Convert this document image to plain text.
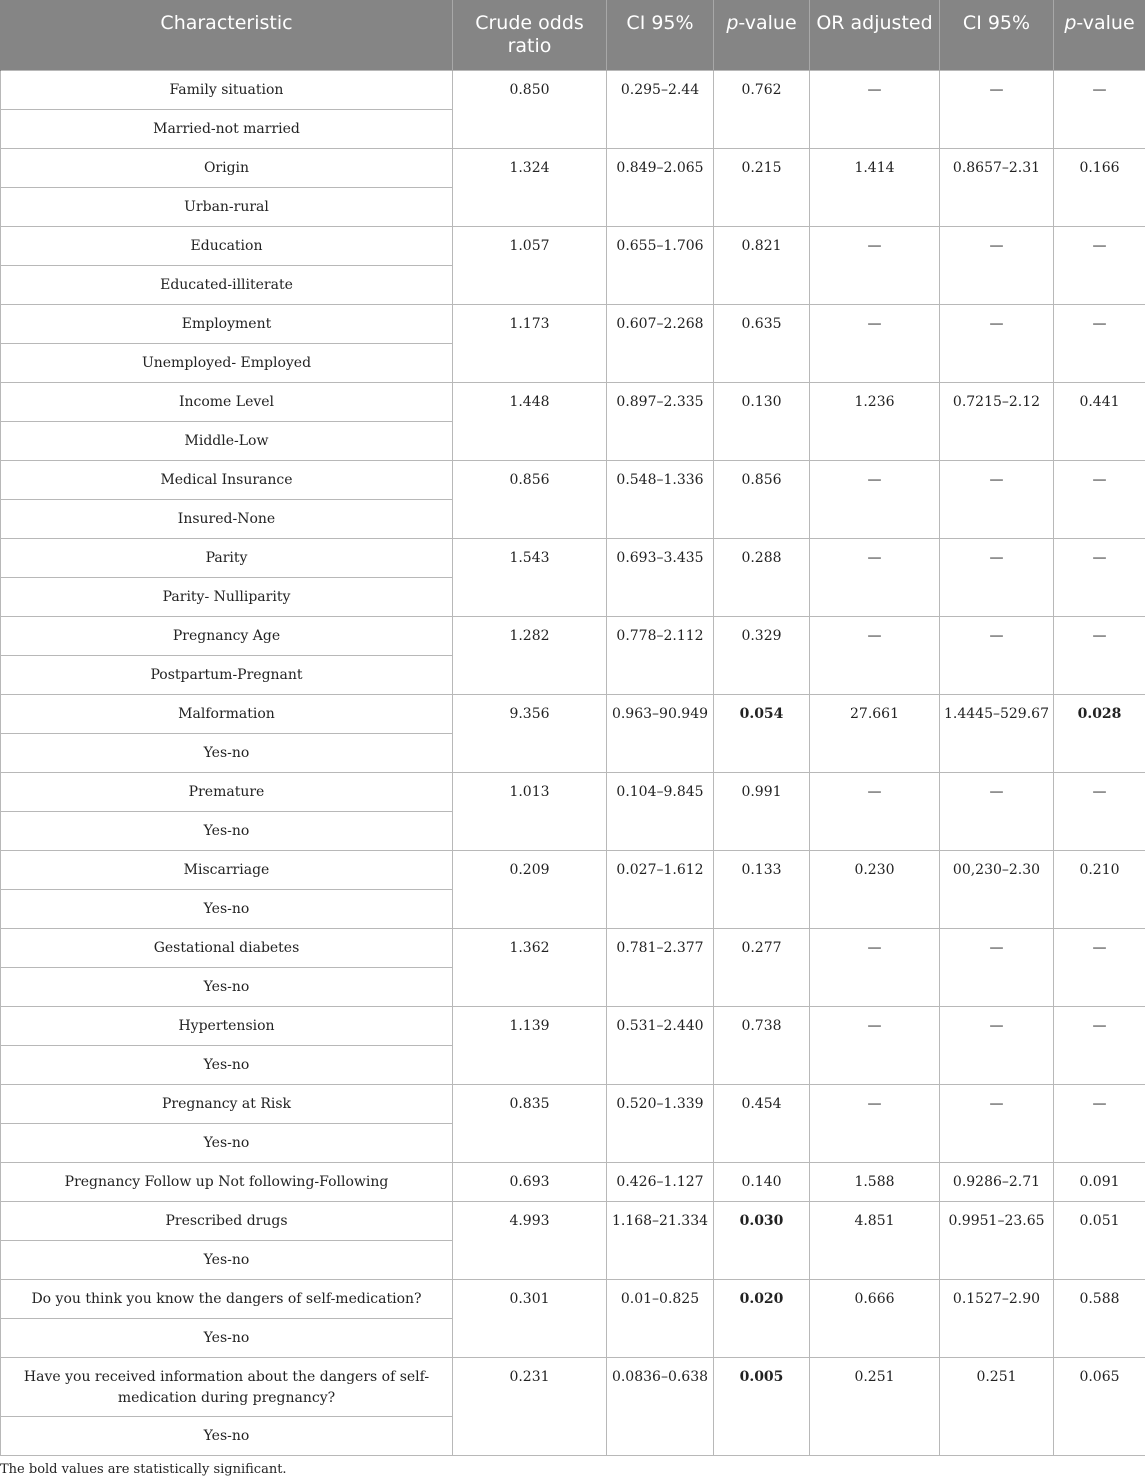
Characteristic	Crude odds ratio	CI 95%	p-value	OR adjusted	CI 95%	p-value
Family situation	0.850	0.295–2.44	0.762	—	—	—
Married-not married						
Origin	1.324	0.849–2.065	0.215	1.414	0.8657–2.31	0.166
Urban-rural						
Education	1.057	0.655–1.706	0.821	—	—	—
Educated-illiterate						
Employment	1.173	0.607–2.268	0.635	—	—	—
Unemployed- Employed						
Income Level	1.448	0.897–2.335	0.130	1.236	0.7215–2.12	0.441
Middle-Low						
Medical Insurance	0.856	0.548–1.336	0.856	—	—	—
Insured-None						
Parity	1.543	0.693–3.435	0.288	—	—	—
Parity- Nulliparity						
Pregnancy Age	1.282	0.778–2.112	0.329	—	—	—
Postpartum-Pregnant						
Malformation	9.356	0.963–90.949	0.054	27.661	1.4445–529.67	0.028
Yes-no						
Premature	1.013	0.104–9.845	0.991	—	—	—
Yes-no						
Miscarriage	0.209	0.027–1.612	0.133	0.230	00,230–2.30	0.210
Yes-no						
Gestational diabetes	1.362	0.781–2.377	0.277	—	—	—
Yes-no						
Hypertension	1.139	0.531–2.440	0.738	—	—	—
Yes-no						
Pregnancy at Risk	0.835	0.520–1.339	0.454	—	—	—
Yes-no						
Pregnancy Follow up Not following-Following	0.693	0.426–1.127	0.140	1.588	0.9286–2.71	0.091
Prescribed drugs	4.993	1.168–21.334	0.030	4.851	0.9951–23.65	0.051
Yes-no						
Do you think you know the dangers of self-medication?	0.301	0.01–0.825	0.020	0.666	0.1527–2.90	0.588
Yes-no						
Have you received information about the dangers of self-medication during pregnancy?	0.231	0.0836–0.638	0.005	0.251	0.251	0.065
Yes-no						

The bold values are statistically significant.
